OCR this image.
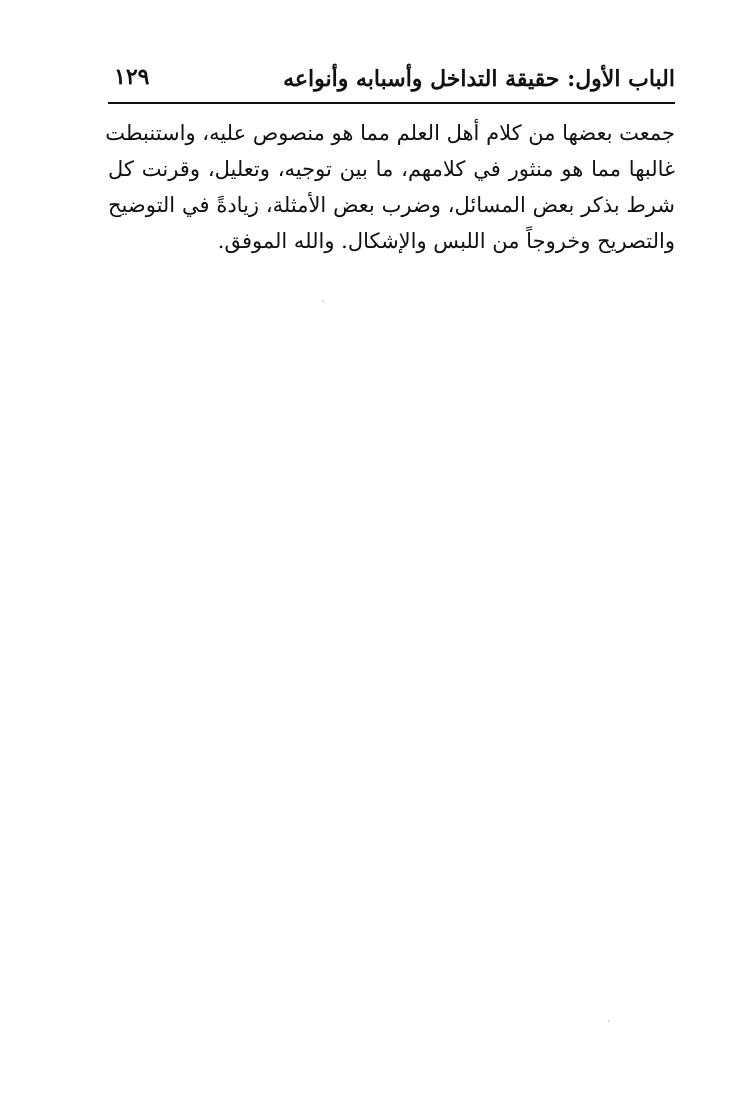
الباب الأول: حقيقة التداخل وأسبابه وأنواعه
١٢٩
جمعت بعضها من كلام أهل العلم مما هو منصوص عليه، واستنبطت
غالبها مما هو منثور في كلامهم، ما بين توجيه، وتعليل، وقرنت كل
شرط بذكر بعض المسائل، وضرب بعض الأمثلة، زيادةً في التوضيح
والتصريح وخروجاً من اللبس والإشكال. والله الموفق.
